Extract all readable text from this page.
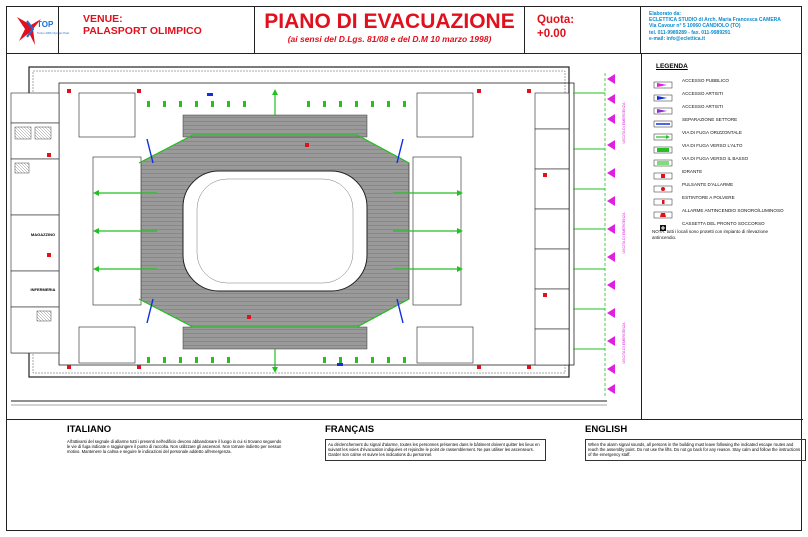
TOP
Torino 2006 Olympic Park
VENUE:
PALASPORT OLIMPICO	PIANO DI EVACUAZIONE
(ai sensi del D.Lgs. 81/08 e del D.M 10 marzo 1998)
Quota:
+0.00
Elaborato da:
ECLETTICA STUDIO di Arch. Maria Francesca CAMERA
Via Cavour n° 5 10060 CANDIOLO (TO)
tel. 011-9989289 - fax. 011-9989291
e-mail: info@eclettica.it
MAGAZZINO
INFERMERIA
USCITA DI EMERGENZA
USCITA DI EMERGENZA
USCITA DI EMERGENZA
LEGENDA
ACCESSO PUBBLICO
ACCESSO ARTISTI
ACCESSO ARTISTI
SEPARAZIONE SETTORE
VIA DI FUGA ORIZZONTALE
VIA DI FUGA VERSO L'ALTO
VIA DI FUGA VERSO IL BASSO
IDRANTE
PULSANTE D'ALLARME
ESTINTORE A POLVERE
ALLARME ANTINCENDIO SONORO/LUMINOSO
CASSETTA DEL PRONTO SOCCORSO
NOTA: tutti i locali sono protetti con impianto di rilevazione antincendio.
ITALIANO
All'attivarsi del segnale di allarme tutti i presenti nell'edificio devono abbandonare il luogo in cui si trovano seguendo le vie di fuga indicate e raggiungere il punto di raccolta. Non utilizzare gli ascensori. Non tornare indietro per nessun motivo. Mantenere la calma e seguire le indicazioni del personale addetto all'emergenza.
FRANÇAIS
Au déclenchement du signal d'alarme, toutes les personnes présentes dans le bâtiment doivent quitter les lieux en suivant les voies d'évacuation indiquées et rejoindre le point de rassemblement. Ne pas utiliser les ascenseurs. Garder son calme et suivre les indications du personnel.
ENGLISH
When the alarm signal sounds, all persons in the building must leave following the indicated escape routes and reach the assembly point. Do not use the lifts. Do not go back for any reason. Stay calm and follow the instructions of the emergency staff.
